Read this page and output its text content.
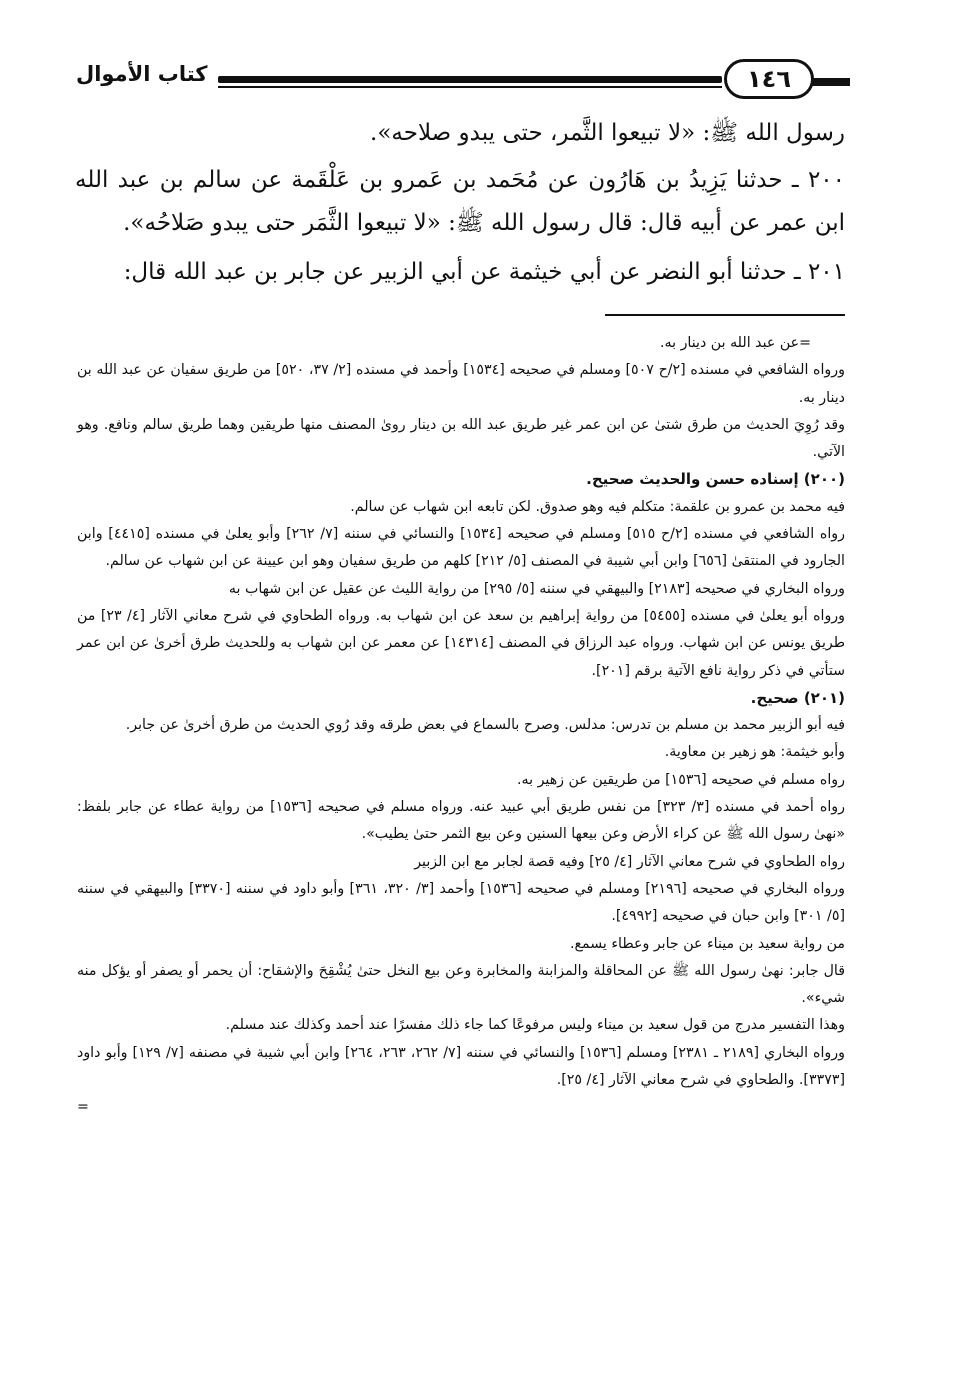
كتاب الأموال	١٤٦

رسول الله ﷺ: «لا تبيعوا الثَّمر، حتى يبدو صلاحه».

٢٠٠ ـ حدثنا يَزِيدُ بن هَارُون عن مُحَمد بن عَمرو بن عَلْقَمة عن سالم بن عبد الله ابن عمر عن أبيه قال: قال رسول الله ﷺ: «لا تبيعوا الثَّمَر حتى يبدو صَلاحُه».

٢٠١ ـ حدثنا أبو النضر عن أبي خيثمة عن أبي الزبير عن جابر بن عبد الله قال:

=عن عبد الله بن دينار به.

ورواه الشافعي في مسنده [٢/ح ٥٠٧] ومسلم في صحيحه [١٥٣٤] وأحمد في مسنده [٢/ ٣٧، ٥٢٠] من طريق سفيان عن عبد الله بن دينار به.

وقد رُوِيَ الحديث من طرق شتىٰ عن ابن عمر غير طريق عبد الله بن دينار روىٰ المصنف منها طريقين وهما طريق سالم ونافع. وهو الآتي.

(٢٠٠) إسناده حسن والحديث صحيح.

فيه محمد بن عمرو بن علقمة: متكلم فيه وهو صدوق. لكن تابعه ابن شهاب عن سالم.

رواه الشافعي في مسنده [٢/ح ٥١٥] ومسلم في صحيحه [١٥٣٤] والنسائي في سننه [٧/ ٢٦٢] وأبو يعلىٰ في مسنده [٤٤١٥] وابن الجارود في المنتقىٰ [٦٥٦] وابن أبي شيبة في المصنف [٥/ ٢١٢] كلهم من طريق سفيان وهو ابن عيينة عن ابن شهاب عن سالم.

ورواه البخاري في صحيحه [٢١٨٣] والبيهقي في سننه [٥/ ٢٩٥] من رواية الليث عن عقيل عن ابن شهاب به

ورواه أبو يعلىٰ في مسنده [٥٤٥٥] من رواية إبراهيم بن سعد عن ابن شهاب به. ورواه الطحاوي في شرح معاني الآثار [٤/ ٢٣] من طريق يونس عن ابن شهاب. ورواه عبد الرزاق في المصنف [١٤٣١٤] عن معمر عن ابن شهاب به وللحديث طرق أخرىٰ عن ابن عمر ستأتي في ذكر رواية نافع الآتية برقم [٢٠١].

(٢٠١) صحيح.

فيه أبو الزبير محمد بن مسلم بن تدرس: مدلس. وصرح بالسماع في بعض طرقه وقد رُوي الحديث من طرق أخرىٰ عن جابر.

وأبو خيثمة: هو زهير بن معاوية.

رواه مسلم في صحيحه [١٥٣٦] من طريقين عن زهير به.

رواه أحمد في مسنده [٣/ ٣٢٣] من نفس طريق أبي عبيد عنه. ورواه مسلم في صحيحه [١٥٣٦] من رواية عطاء عن جابر بلفظ: «نهىٰ رسول الله ﷺ عن كراء الأرض وعن بيعها السنين وعن بيع الثمر حتىٰ يطيب».

رواه الطحاوي في شرح معاني الآثار [٤/ ٢٥] وفيه قصة لجابر مع ابن الزبير

ورواه البخاري في صحيحه [٢١٩٦] ومسلم في صحيحه [١٥٣٦] وأحمد [٣/ ٣٢٠، ٣٦١] وأبو داود في سننه [٣٣٧٠] والبيهقي في سننه [٥/ ٣٠١] وابن حبان في صحيحه [٤٩٩٢].

من رواية سعيد بن ميناء عن جابر وعطاء يسمع.

قال جابر: نهىٰ رسول الله ﷺ عن المحاقلة والمزابنة والمخابرة وعن بيع النخل حتىٰ يُشْقِحَ والإشقاح: أن يحمر أو يصفر أو يؤكل منه شيء».

وهذا التفسير مدرج من قول سعيد بن ميناء وليس مرفوعًا كما جاء ذلك مفسرًا عند أحمد وكذلك عند مسلم.

ورواه البخاري [٢١٨٩ ـ ٢٣٨١] ومسلم [١٥٣٦] والنسائي في سننه [٧/ ٢٦٢، ٢٦٣، ٢٦٤] وابن أبي شيبة في مصنفه [٧/ ١٢٩] وأبو داود [٣٣٧٣]. والطحاوي في شرح معاني الآثار [٤/ ٢٥].

=
